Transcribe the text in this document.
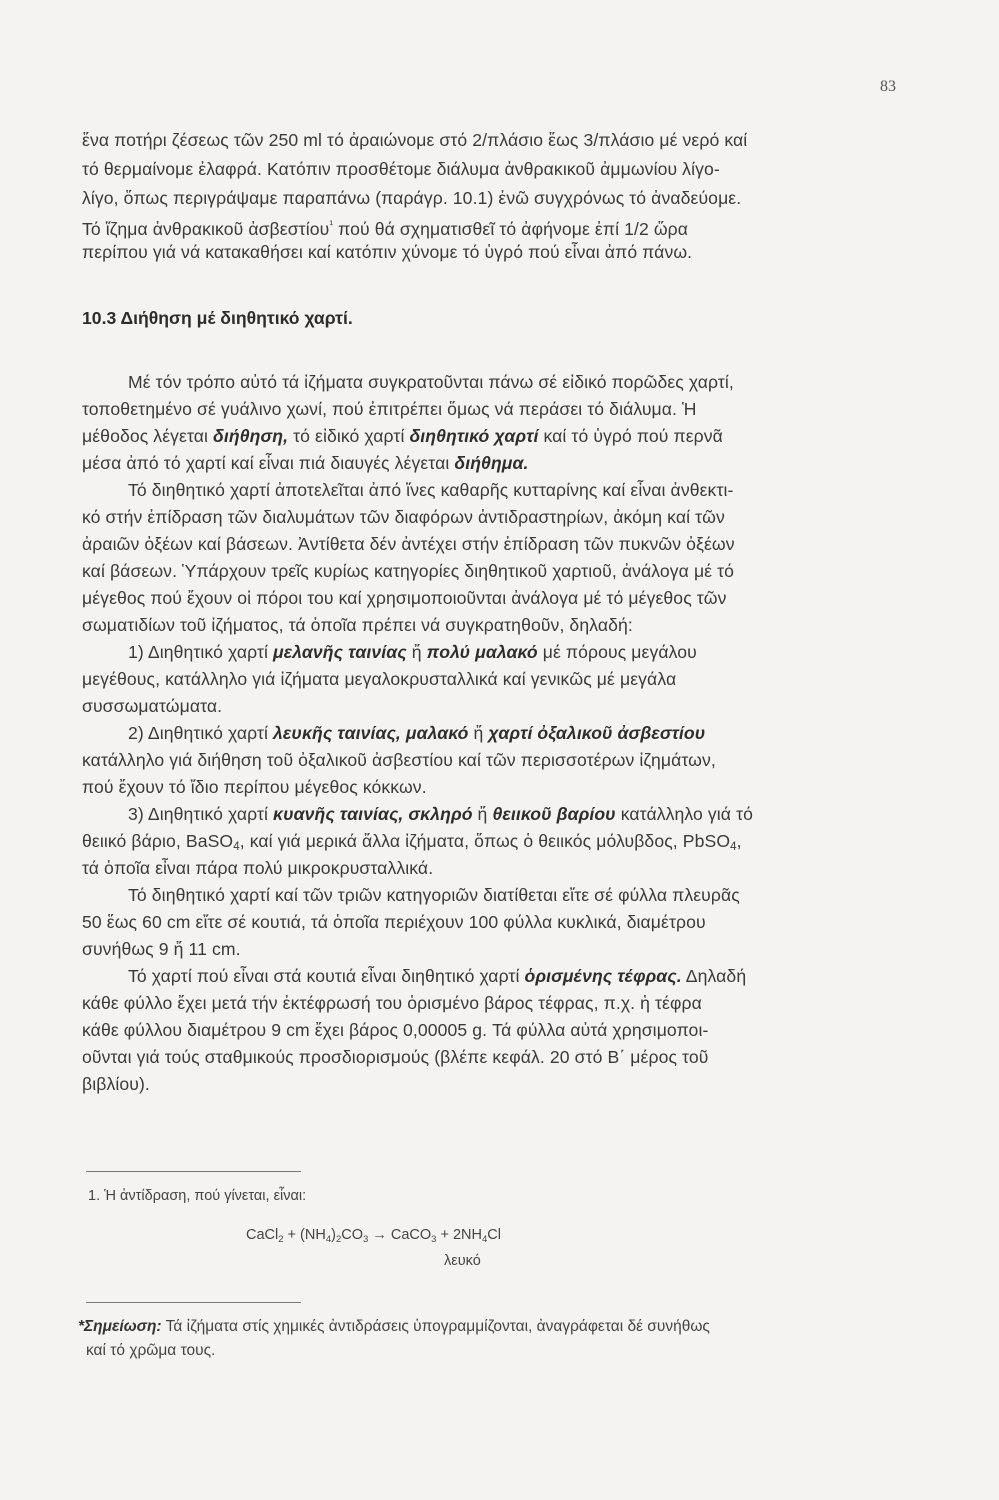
83
ἕνα ποτήρι ζέσεως τῶν 250 ml τό ἀραιώνομε στό 2/πλάσιο ἕως 3/πλάσιο μέ νερό καί
τό θερμαίνομε ἐλαφρά. Κατόπιν προσθέτομε διάλυμα ἀνθρακικοῦ ἀμμωνίου λίγο-
λίγο, ὅπως περιγράψαμε παραπάνω (παράγρ. 10.1) ἐνῶ συγχρόνως τό ἀναδεύομε.
Τό ἵζημα ἀνθρακικοῦ ἀσβεστίου$^{^1}$ πού θά σχηματισθεῖ τό ἀφήνομε ἐπί 1/2 ὥρα
περίπου γιά νά κατακαθήσει καί κατόπιν χύνομε τό ὑγρό πού εἶναι ἀπό πάνω.
10.3 Διήθηση μέ διηθητικό χαρτί.
Μέ τόν τρόπο αὐτό τά ἰζήματα συγκρατοῦνται πάνω σέ εἰδικό πορῶδες χαρτί,
τοποθετημένο σέ γυάλινο χωνί, πού ἐπιτρέπει ὅμως νά περάσει τό διάλυμα. Ἡ
μέθοδος λέγεται διήθηση, τό εἰδικό χαρτί διηθητικό χαρτί καί τό ὑγρό πού περνᾶ
μέσα ἀπό τό χαρτί καί εἶναι πιά διαυγές λέγεται διήθημα.
Τό διηθητικό χαρτί ἀποτελεῖται ἀπό ἵνες καθαρῆς κυτταρίνης καί εἶναι ἀνθεκτι-
κό στήν ἐπίδραση τῶν διαλυμάτων τῶν διαφόρων ἀντιδραστηρίων, ἀκόμη καί τῶν
ἀραιῶν ὀξέων καί βάσεων. Ἀντίθετα δέν ἀντέχει στήν ἐπίδραση τῶν πυκνῶν ὀξέων
καί βάσεων. Ὑπάρχουν τρεῖς κυρίως κατηγορίες διηθητικοῦ χαρτιοῦ, ἀνάλογα μέ τό
μέγεθος πού ἔχουν οἱ πόροι του καί χρησιμοποιοῦνται ἀνάλογα μέ τό μέγεθος τῶν
σωματιδίων τοῦ ἰζήματος, τά ὁποῖα πρέπει νά συγκρατηθοῦν, δηλαδή:
1) Διηθητικό χαρτί μελανῆς ταινίας ἤ πολύ μαλακό μέ πόρους μεγάλου
μεγέθους, κατάλληλο γιά ἰζήματα μεγαλοκρυσταλλικά καί γενικῶς μέ μεγάλα
συσσωματώματα.
2) Διηθητικό χαρτί λευκῆς ταινίας, μαλακό ἤ χαρτί ὀξαλικοῦ ἀσβεστίου
κατάλληλο γιά διήθηση τοῦ ὀξαλικοῦ ἀσβεστίου καί τῶν περισσοτέρων ἰζημάτων,
πού ἔχουν τό ἴδιο περίπου μέγεθος κόκκων.
3) Διηθητικό χαρτί κυανῆς ταινίας, σκληρό ἤ θειικοῦ βαρίου κατάλληλο γιά τό
θειικό βάριο, BaSO$_4$, καί γιά μερικά ἄλλα ἰζήματα, ὅπως ὁ θειικός μόλυβδος, PbSO$_4$,
τά ὁποῖα εἶναι πάρα πολύ μικροκρυσταλλικά.
Τό διηθητικό χαρτί καί τῶν τριῶν κατηγοριῶν διατίθεται εἴτε σέ φύλλα πλευρᾶς
50 ἕως 60 cm εἴτε σέ κουτιά, τά ὁποῖα περιέχουν 100 φύλλα κυκλικά, διαμέτρου
συνήθως 9 ἤ 11 cm.
Τό χαρτί πού εἶναι στά κουτιά εἶναι διηθητικό χαρτί ὁρισμένης τέφρας. Δηλαδή
κάθε φύλλο ἔχει μετά τήν ἐκτέφρωσή του ὁρισμένο βάρος τέφρας, π.χ. ἡ τέφρα
κάθε φύλλου διαμέτρου 9 cm ἔχει βάρος 0,00005 g. Τά φύλλα αὐτά χρησιμοποι-
οῦνται γιά τούς σταθμικούς προσδιορισμούς (βλέπε κεφάλ. 20 στό Β΄ μέρος τοῦ
βιβλίου).
1. Ἡ ἀντίδραση, πού γίνεται, εἶναι:
CaCl$_2$ + $(NH_4)_2CO_3$ → CaCO$_3$ + $2NH_4Cl$
λευκό
*Σημείωση: Τά ἰζήματα στίς χημικές ἀντιδράσεις ὑπογραμμίζονται, ἀναγράφεται δέ συνήθως
καί τό χρῶμα τους.
